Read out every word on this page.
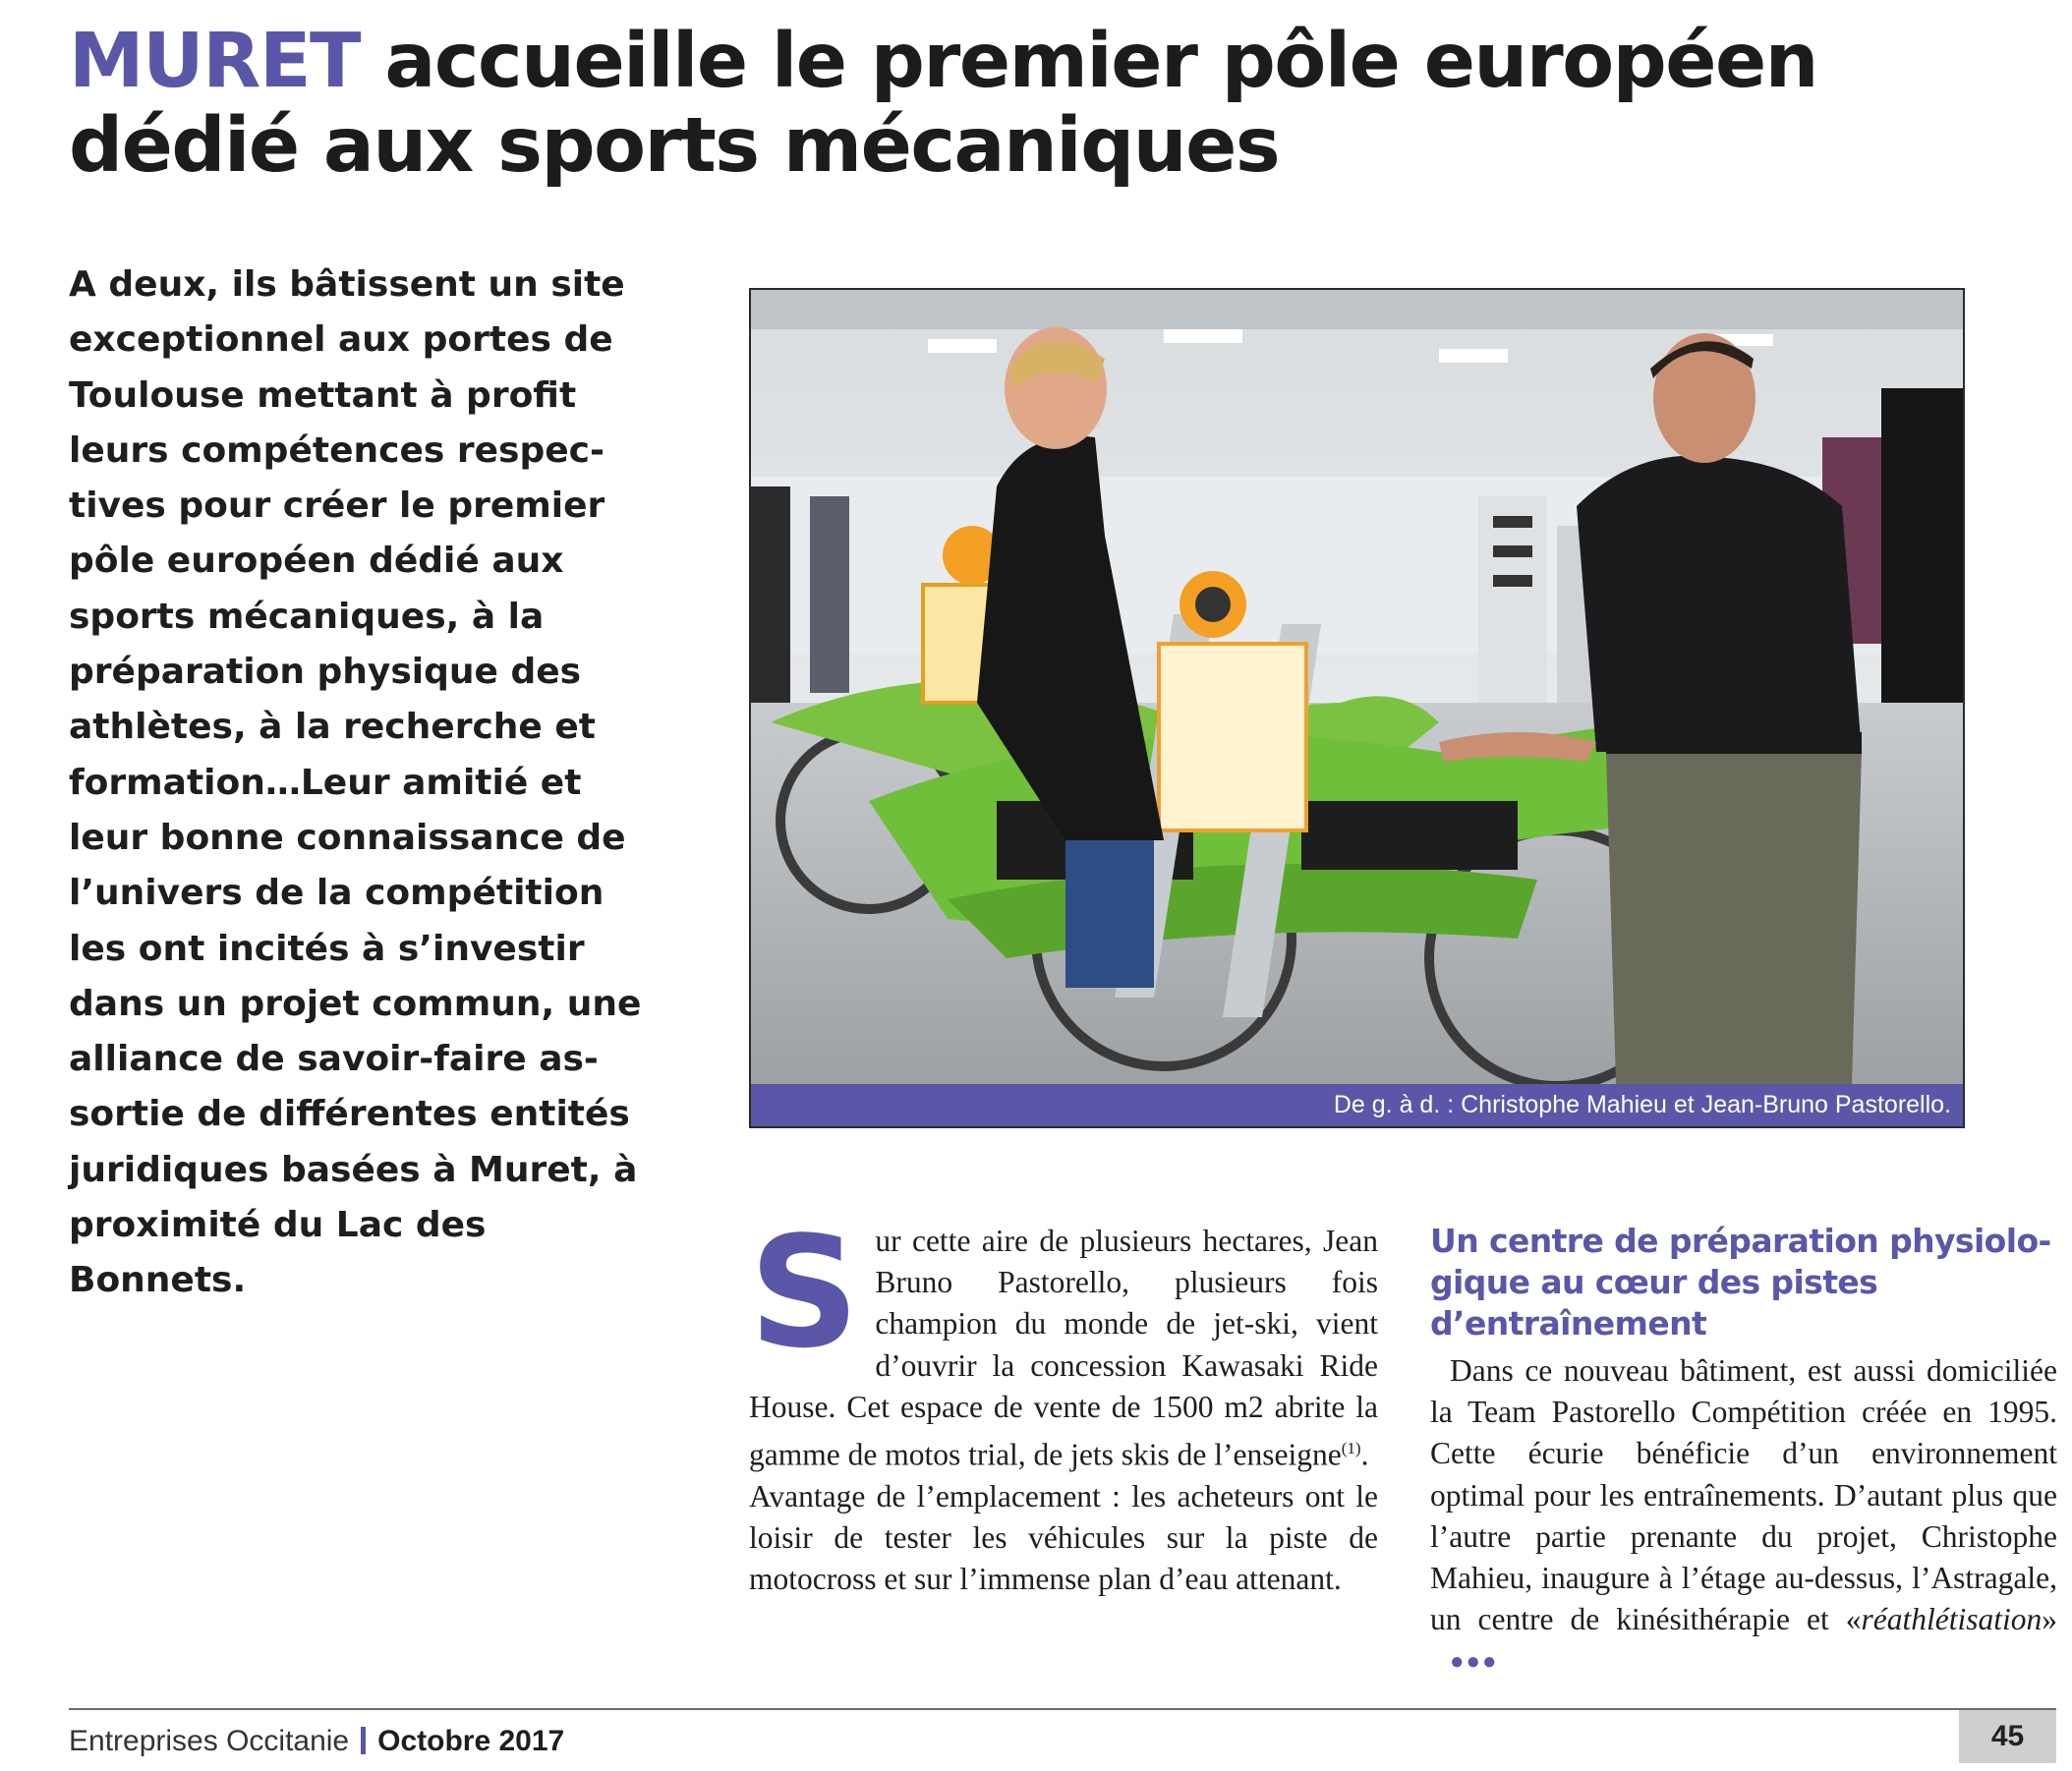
MURET accueille le premier pôle européen dédié aux sports mécaniques

A deux, ils bâtissent un site exceptionnel aux portes de Toulouse mettant à profit leurs compétences respectives pour créer le premier pôle européen dédié aux sports mécaniques, à la préparation physique des athlètes, à la recherche et formation…Leur amitié et leur bonne connaissance de l’univers de la compétition les ont incités à s’investir dans un projet commun, une alliance de savoir-faire assortie de différentes entités juridiques basées à Muret, à proximité du Lac des Bonnets.

De g. à d. : Christophe Mahieu et Jean-Bruno Pastorello.
S ur cette aire de plusieurs hectares, Jean Bruno Pastorello, plusieurs fois champion du monde de jet-ski, vient d’ouvrir la concession Kawasaki Ride House. Cet espace de vente de 1500 m2 abrite la gamme de motos trial, de jets skis de l’enseigne$^{(1)}$.

Avantage de l’emplacement : les acheteurs ont le loisir de tester les véhicules sur la piste de motocross et sur l’immense plan d’eau attenant.

Un centre de préparation physiologique au cœur des pistes d’entraînement

Dans ce nouveau bâtiment, est aussi domiciliée la Team Pastorello Compétition créée en 1995. Cette écurie bénéficie d’un environnement optimal pour les entraînements. D’autant plus que l’autre partie prenante du projet, Christophe Mahieu, inaugure à l’étage au-dessus, l’Astragale, un centre de kinésithérapie et «réathlétisation» ●●●

Entreprises Occitanie Octobre 2017	45
